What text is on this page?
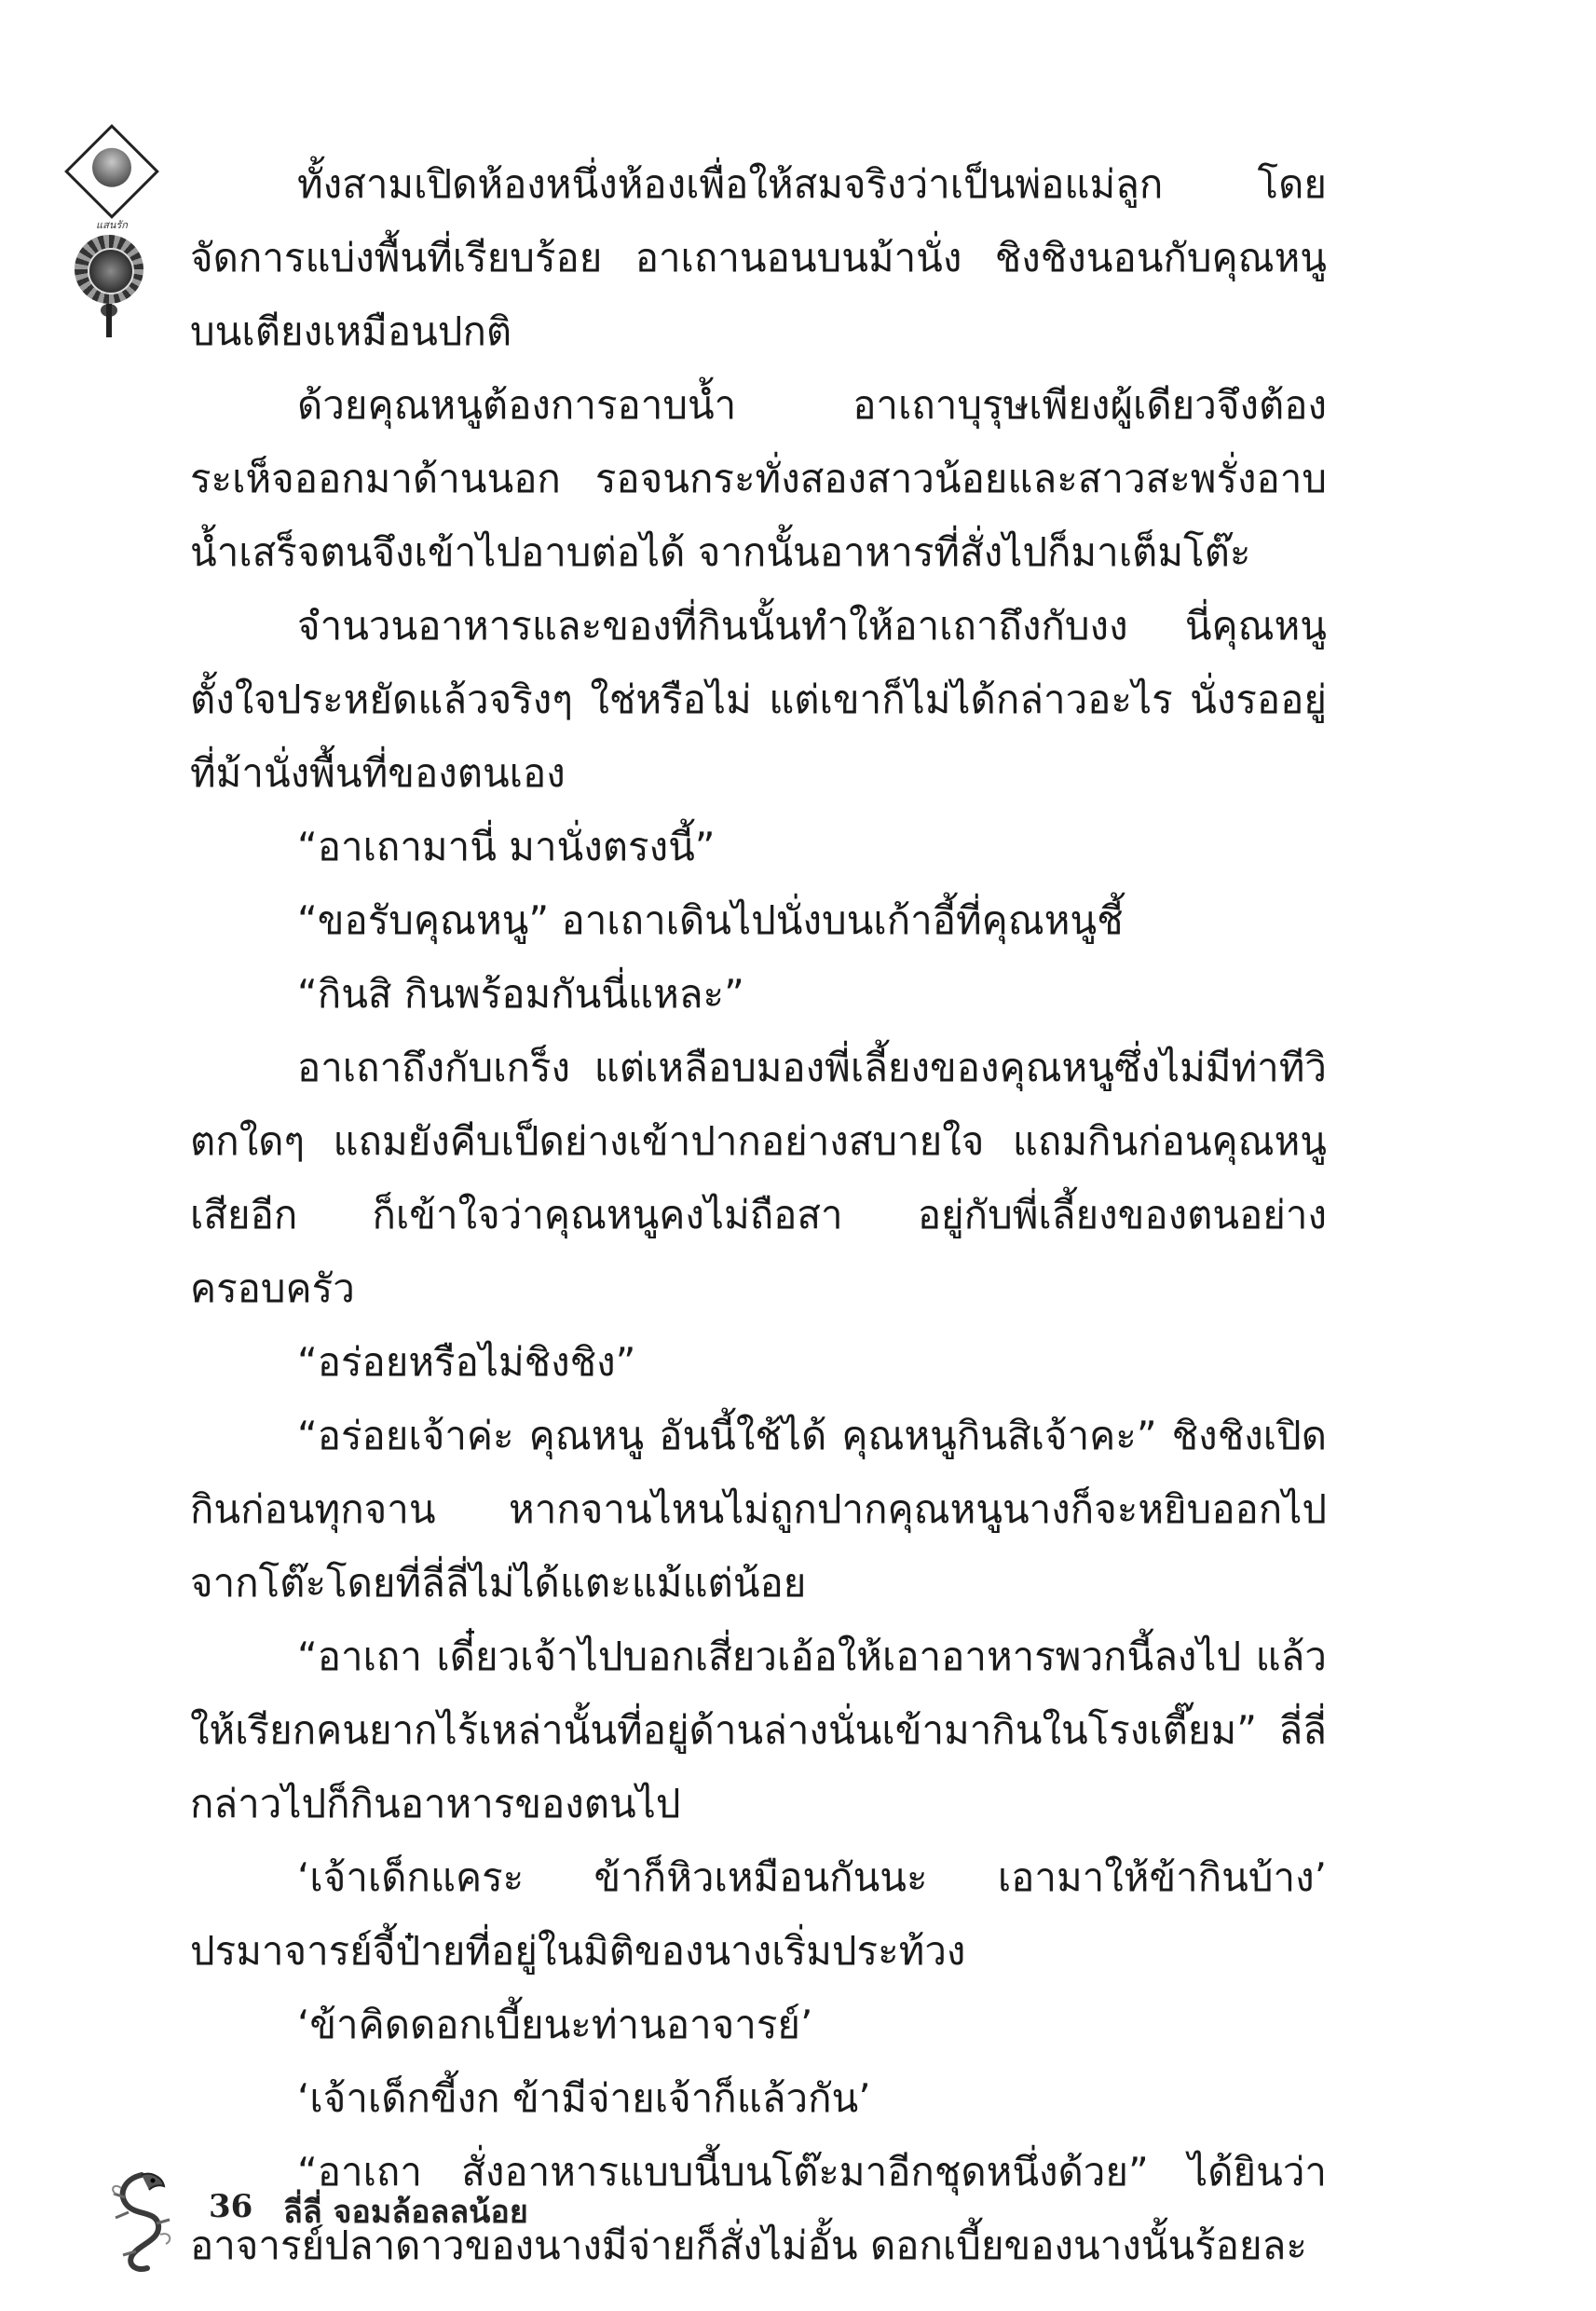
แสนรัก

ทั้งสามเปิดห้องหนึ่งห้องเพื่อให้สมจริงว่าเป็นพ่อแม่ลูก โดยจัดการแบ่งพื้นที่เรียบร้อย อาเถานอนบนม้านั่ง ชิงชิงนอนกับคุณหนูบนเตียงเหมือนปกติ

ด้วยคุณหนูต้องการอาบน้ำ อาเถาบุรุษเพียงผู้เดียวจึงต้องระเห็จออกมาด้านนอก รอจนกระทั่งสองสาวน้อยและสาวสะพรั่งอาบน้ำเสร็จตนจึงเข้าไปอาบต่อได้ จากนั้นอาหารที่สั่งไปก็มาเต็มโต๊ะ

จำนวนอาหารและของที่กินนั้นทำให้อาเถาถึงกับงง นี่คุณหนูตั้งใจประหยัดแล้วจริงๆ ใช่หรือไม่ แต่เขาก็ไม่ได้กล่าวอะไร นั่งรออยู่ที่ม้านั่งพื้นที่ของตนเอง

“อาเถามานี่ มานั่งตรงนี้”

“ขอรับคุณหนู” อาเถาเดินไปนั่งบนเก้าอี้ที่คุณหนูชี้

“กินสิ กินพร้อมกันนี่แหละ”

อาเถาถึงกับเกร็ง แต่เหลือบมองพี่เลี้ยงของคุณหนูซึ่งไม่มีท่าทีวิตกใดๆ แถมยังคีบเป็ดย่างเข้าปากอย่างสบายใจ แถมกินก่อนคุณหนูเสียอีก ก็เข้าใจว่าคุณหนูคงไม่ถือสา อยู่กับพี่เลี้ยงของตนอย่างครอบครัว

“อร่อยหรือไม่ชิงชิง”

“อร่อยเจ้าค่ะ คุณหนู อันนี้ใช้ได้ คุณหนูกินสิเจ้าคะ” ชิงชิงเปิดกินก่อนทุกจาน หากจานไหนไม่ถูกปากคุณหนูนางก็จะหยิบออกไปจากโต๊ะโดยที่ลี่ลี่ไม่ได้แตะแม้แต่น้อย

“อาเถา เดี๋ยวเจ้าไปบอกเสี่ยวเอ้อให้เอาอาหารพวกนี้ลงไป แล้วให้เรียกคนยากไร้เหล่านั้นที่อยู่ด้านล่างนั่นเข้ามากินในโรงเตี๊ยม” ลี่ลี่กล่าวไปก็กินอาหารของตนไป

‘เจ้าเด็กแคระ ข้าก็หิวเหมือนกันนะ เอามาให้ข้ากินบ้าง’ ปรมาจารย์จี้ป๋ายที่อยู่ในมิติของนางเริ่มประท้วง

‘ข้าคิดดอกเบี้ยนะท่านอาจารย์’

‘เจ้าเด็กขี้งก ข้ามีจ่ายเจ้าก็แล้วกัน’

“อาเถา สั่งอาหารแบบนี้บนโต๊ะมาอีกชุดหนึ่งด้วย” ได้ยินว่าอาจารย์ปลาดาวของนางมีจ่ายก็สั่งไม่อั้น ดอกเบี้ยของนางนั้นร้อยละ

36 ลี่ลี่ จอมล้อลลน้อย
